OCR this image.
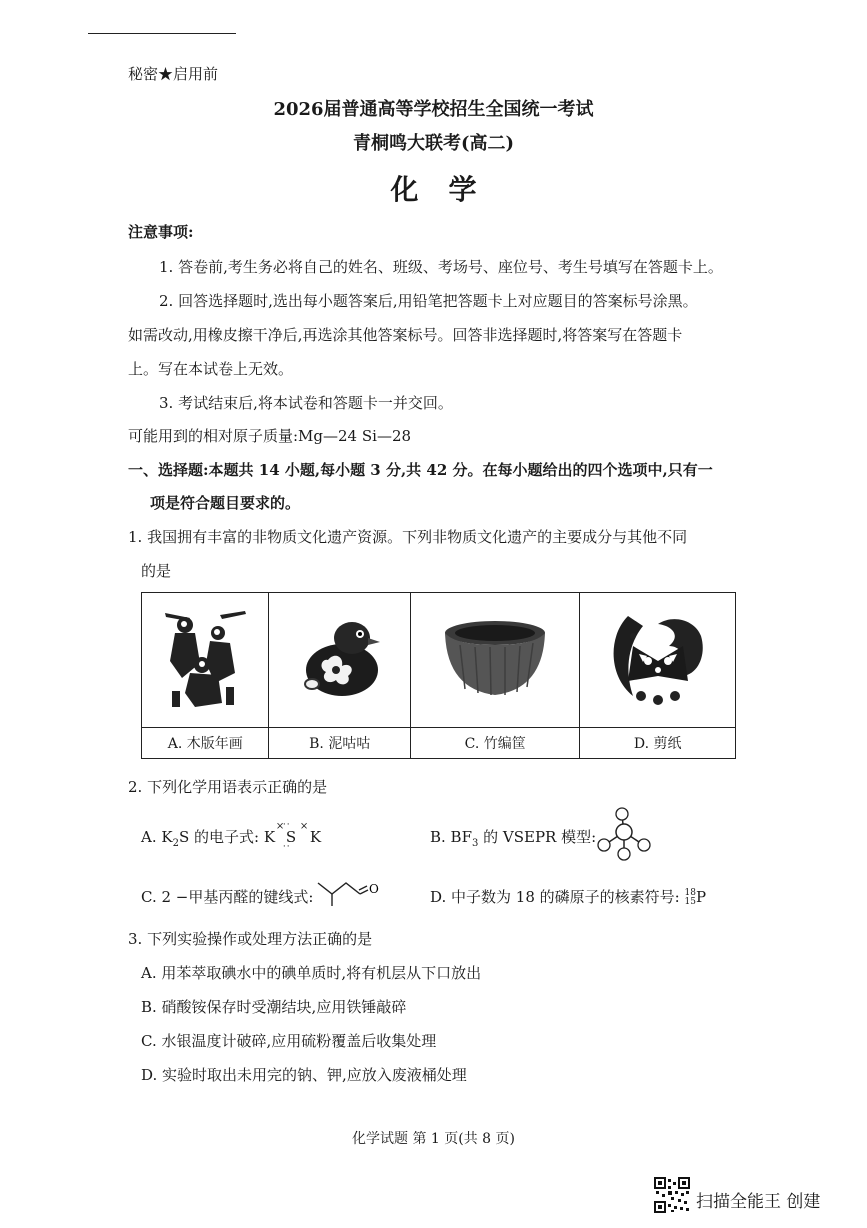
秘密★启用前
2026届普通高等学校招生全国统一考试
青桐鸣大联考(高二)
化学
注意事项:
1. 答卷前,考生务必将自己的姓名、班级、考场号、座位号、考生号填写在答题卡上。
2. 回答选择题时,选出每小题答案后,用铅笔把答题卡上对应题目的答案标号涂黑。
如需改动,用橡皮擦干净后,再选涂其他答案标号。回答非选择题时,将答案写在答题卡
上。写在本试卷上无效。
3. 考试结束后,将本试卷和答题卡一并交回。
可能用到的相对原子质量:Mg—24 Si—28
一、选择题:本题共 14 小题,每小题 3 分,共 42 分。在每小题给出的四个选项中,只有一
项是符合题目要求的。
1. 我国拥有丰富的非物质文化遗产资源。下列非物质文化遗产的主要成分与其他不同
的是

A. 木版年画	B. 泥咕咕	C. 竹编筐	D. 剪纸
2. 下列化学用语表示正确的是
A. $K_2S$ 的电子式: K
×
S
··
··
×
K	B. $BF_3$ 的 VSEPR 模型:
C. 2 −甲基丙醛的键线式:	O	D. 中子数为 18 的磷原子的核素符号: 18
15 P
3. 下列实验操作或处理方法正确的是
A. 用苯萃取碘水中的碘单质时,将有机层从下口放出
B. 硝酸铵保存时受潮结块,应用铁锤敲碎
C. 水银温度计破碎,应用硫粉覆盖后收集处理
D. 实验时取出未用完的钠、钾,应放入废液桶处理
化学试题 第 1 页(共 8 页)
扫描全能王 创建
